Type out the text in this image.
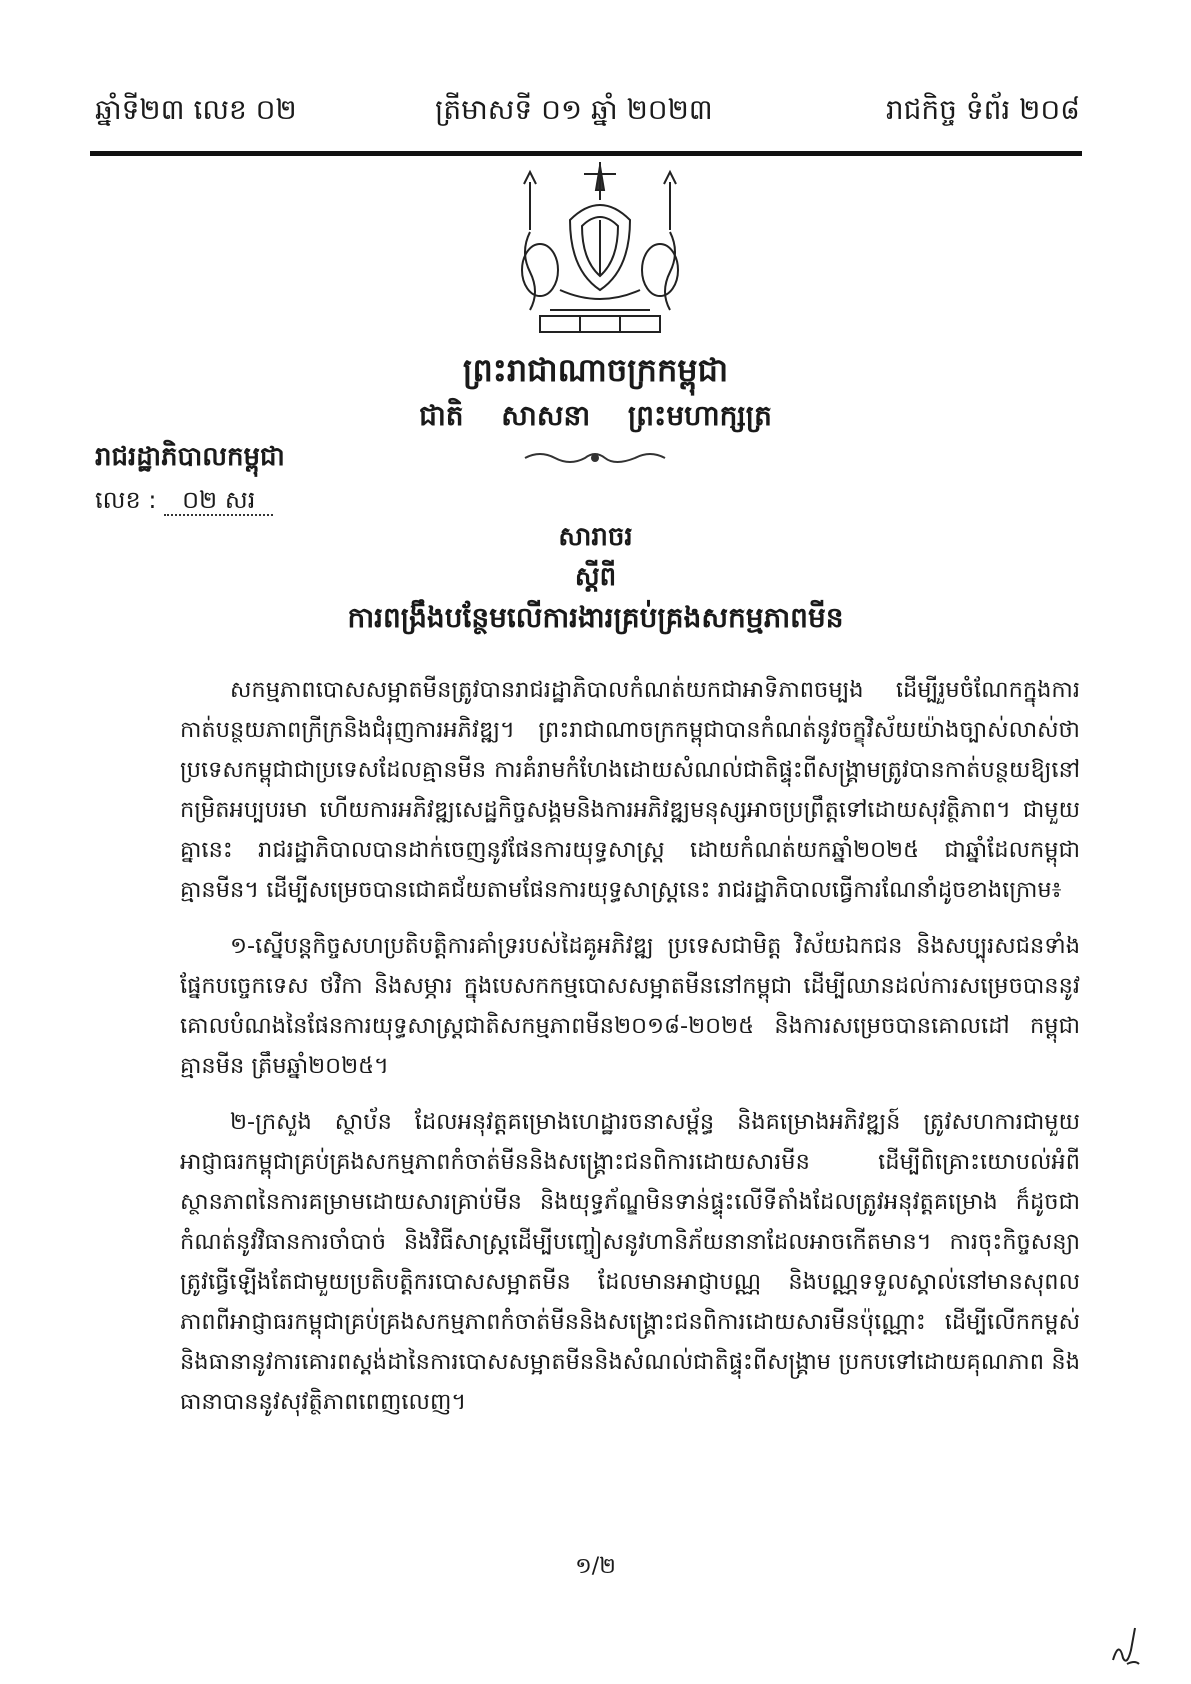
ឆ្នាំទី២៣ លេខ ០២	ត្រីមាសទី ០១ ឆ្នាំ ២០២៣	រាជកិច្ច ទំព័រ ២០៨
ព្រះរាជាណាចក្រកម្ពុជា
ជាតិ សាសនា ព្រះមហាក្សត្រ
រាជរដ្ឋាភិបាលកម្ពុជា
លេខ : ០២ សរ
សារាចរ
ស្តីពី
ការពង្រឹងបន្ថែមលើការងារគ្រប់គ្រងសកម្មភាពមីន

សកម្មភាពបោសសម្អាតមីនត្រូវបានរាជរដ្ឋាភិបាលកំណត់យកជាអាទិភាពចម្បង ដើម្បីរួមចំណែកក្នុងការកាត់បន្ថយភាពក្រីក្រនិងជំរុញការអភិវឌ្ឍ។ ព្រះរាជាណាចក្រកម្ពុជាបានកំណត់នូវចក្ខុវិស័យយ៉ាងច្បាស់លាស់ថា ប្រទេសកម្ពុជាជាប្រទេសដែលគ្មានមីន ការគំរាមកំហែងដោយសំណល់ជាតិផ្ទុះពីសង្គ្រាមត្រូវបានកាត់បន្ថយឱ្យនៅកម្រិតអប្បបរមា ហើយការអភិវឌ្ឍសេដ្ឋកិច្ចសង្គមនិងការអភិវឌ្ឍមនុស្សអាចប្រព្រឹត្តទៅដោយសុវត្ថិភាព។ ជាមួយគ្នានេះ រាជរដ្ឋាភិបាលបានដាក់ចេញនូវផែនការយុទ្ធសាស្ត្រ ដោយកំណត់យកឆ្នាំ២០២៥ ជាឆ្នាំដែលកម្ពុជាគ្មានមីន។ ដើម្បីសម្រេចបានជោគជ័យតាមផែនការយុទ្ធសាស្ត្រនេះ រាជរដ្ឋាភិបាលធ្វើការណែនាំដូចខាងក្រោម៖

១-ស្នើបន្តកិច្ចសហប្រតិបត្តិការគាំទ្ររបស់ដៃគូអភិវឌ្ឍ ប្រទេសជាមិត្ត វិស័យឯកជន និងសប្បុរសជនទាំងផ្នែកបច្ចេកទេស ថវិកា និងសម្ភារ ក្នុងបេសកកម្មបោសសម្អាតមីននៅកម្ពុជា ដើម្បីឈានដល់ការសម្រេចបាននូវគោលបំណងនៃផែនការយុទ្ធសាស្ត្រជាតិសកម្មភាពមីន២០១៨-២០២៥ និងការសម្រេចបានគោលដៅ កម្ពុជាគ្មានមីន ត្រឹមឆ្នាំ២០២៥។

២-ក្រសួង ស្ថាប័ន ដែលអនុវត្តគម្រោងហេដ្ឋារចនាសម្ព័ន្ធ និងគម្រោងអភិវឌ្ឍន៍ ត្រូវសហការជាមួយអាជ្ញាធរកម្ពុជាគ្រប់គ្រងសកម្មភាពកំចាត់មីននិងសង្គ្រោះជនពិការដោយសារមីន ដើម្បីពិគ្រោះយោបល់អំពីស្ថានភាពនៃការគម្រាមដោយសារគ្រាប់មីន និងយុទ្ធភ័ណ្ឌមិនទាន់ផ្ទុះលើទីតាំងដែលត្រូវអនុវត្តគម្រោង ក៏ដូចជាកំណត់នូវវិធានការចាំបាច់ និងវិធីសាស្ត្រដើម្បីបញ្ចៀសនូវហានិភ័យនានាដែលអាចកើតមាន។ ការចុះកិច្ចសន្យា ត្រូវធ្វើឡើងតែជាមួយប្រតិបត្តិករបោសសម្អាតមីន ដែលមានអាជ្ញាបណ្ណ និងបណ្ណទទួលស្គាល់នៅមានសុពលភាពពីអាជ្ញាធរកម្ពុជាគ្រប់គ្រងសកម្មភាពកំចាត់មីននិងសង្គ្រោះជនពិការដោយសារមីនប៉ុណ្ណោះ ដើម្បីលើកកម្ពស់ និងធានានូវការគោរពស្តង់ដានៃការបោសសម្អាតមីននិងសំណល់ជាតិផ្ទុះពីសង្គ្រាម ប្រកបទៅដោយគុណភាព និងធានាបាននូវសុវត្ថិភាពពេញលេញ។

១/២
